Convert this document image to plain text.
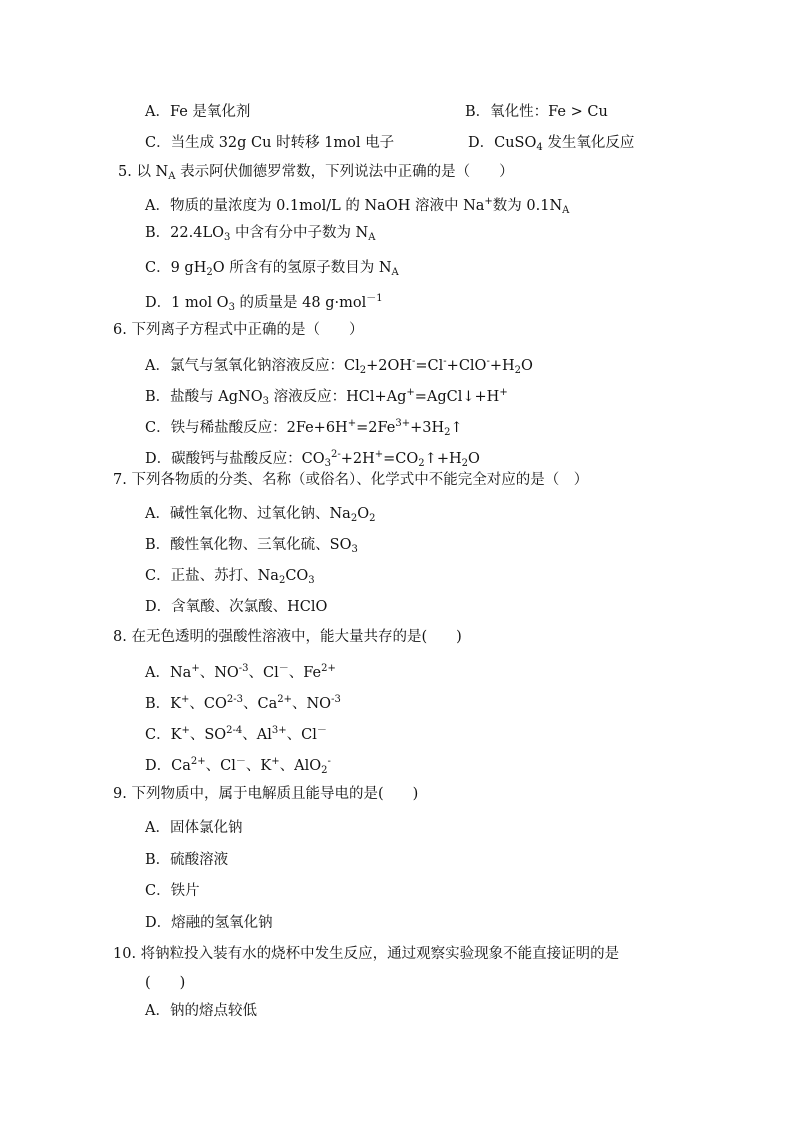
A．Fe 是氧化剂	B．氧化性：Fe > Cu
C．当生成 32g Cu 时转移 1mol 电子	D．CuSO$_4$ 发生氧化反应
5. 以 $N_A$ 表示阿伏伽德罗常数，下列说法中正确的是（　　）
A．物质的量浓度为 0.1mol/L 的 NaOH 溶液中 Na+数为 $0.1N_A$
B．$22.4LO_3$ 中含有分中子数为 $N_A$
C．9 $gH_2O$ 所含有的氢原子数目为 $N_A$
D．1 mol $O_3$ 的质量是 48 g·mol$^{-1}$
6. 下列离子方程式中正确的是（　　）
A．氯气与氢氧化钠溶液反应：$Cl_2+2OH^-=Cl^-+ClO^-+H_2O$
B．盐酸与 AgNO$_3$ 溶液反应：HCl+Ag+=AgCl↓+H+
C．铁与稀盐酸反应：$2Fe+6H^+=2Fe^{3+}+3H_2↑$
D．碳酸钙与盐酸反应：$CO_3^{2-}+2H^+=CO_2↑+H_2O$
7. 下列各物质的分类、名称（或俗名）、化学式中不能完全对应的是（　）
A．碱性氧化物、过氧化钠、$Na_2O_2$
B．酸性氧化物、三氧化硫、$SO_3$
C．正盐、苏打、$Na_2CO_3$
D．含氧酸、次氯酸、HClO
8. 在无色透明的强酸性溶液中，能大量共存的是(　　)
A．Na+、$NO^{-3}$、Cl－、$Fe^{2+}$
B．K+、CO$^{2-3}$、$Ca^{2+}$、$NO^{-3}$
C．K+、SO$^{2-4}$、$Al^{3+}$、Cl－
D．$Ca^{2+}$、Cl－、K+、AlO$_2$-
9. 下列物质中，属于电解质且能导电的是(　　)
A．固体氯化钠
B．硫酸溶液
C．铁片
D．熔融的氢氧化钠
10. 将钠粒投入装有水的烧杯中发生反应，通过观察实验现象不能直接证明的是
(　　)
A．钠的熔点较低
